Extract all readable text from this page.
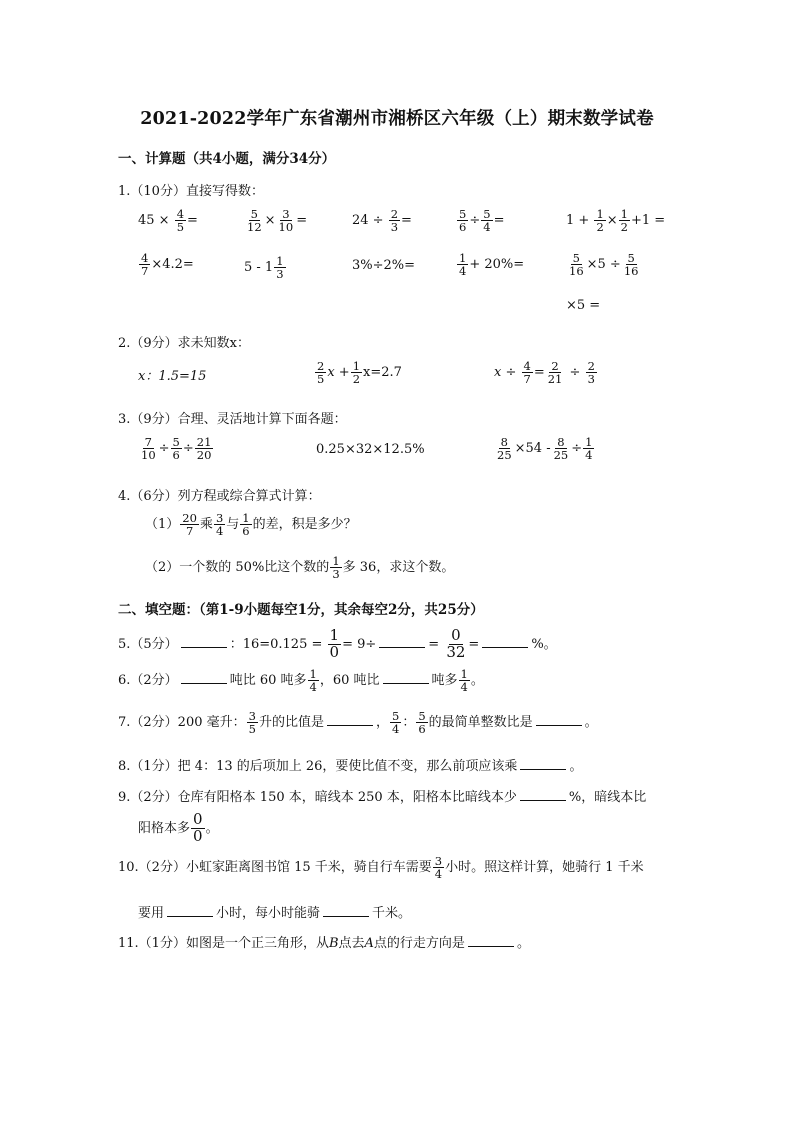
2021-2022学年广东省潮州市湘桥区六年级（上）期末数学试卷
一、计算题（共4小题，满分34分）
1.（10分）直接写得数：
$45 \times \frac{4}{5}$ =	$\frac{5}{12} \times \frac{3}{10}$ =	$24 \div \frac{2}{3}$ =	$\frac{5}{6} \div \frac{5}{4}$ =	$1 + \frac{1}{2} \times \frac{1}{2} +1$ =
$\frac{4}{7} \times 4.2=$	$5 - 1 \frac{1}{3}$	3%÷2%=	$\frac{1}{4} + 20\%=$	$\frac{5}{16} \times 5 \div \frac{5}{16}$
×5 =
2.（9分）求未知数x：
x：1.5=15	$\frac{2}{5}$ $x + \frac{1}{2} x=2.7$	$x \div \frac{4}{7} = \frac{2}{21} \div \frac{2}{3}$
3.（9分）合理、灵活地计算下面各题：
$\frac{7}{10} \div \frac{5}{6} \div \frac{21}{20}$	0.25×32×12.5%	$\frac{8}{25} \times 54 - \frac{8}{25} \div \frac{1}{4}$
4.（6分）列方程或综合算式计算：
$(1) \frac{20}{7}$ 乘 $\frac{3}{4}$ 与 $\frac{1}{6}$ 的差，积是多少？
（2）一个数的 50%比这个数的 $\frac{1}{3}$ 多 36，求这个数。
二、填空题：（第1-9小题每空1分，其余每空2分，共25分）
5.（5分）	：$16=0.125 = \frac{1}{0} = 9\div$	= $\frac{0}{32}$ =	%。
6.（2分）	吨比 60 吨多 $\frac{1}{4}$ ，60 吨比	吨多 $\frac{1}{4}$ 。
7.（2分）200 毫升： $\frac{3}{5}$ 升的比值是	， $\frac{5}{4}$ ： $\frac{5}{6}$ 的最简单整数比是	。
8.（1分）把 4：13 的后项加上 26，要使比值不变，那么前项应该乘	。
9.（2分）仓库有阳格本 150 本，暗线本 250 本，阳格本比暗线本少	%，暗线本比
阳格本多 $\frac{0}{0}$ 。
10.（2分）小虹家距离图书馆 15 千米，骑自行车需要 $\frac{3}{4}$ 小时。照这样计算，她骑行 1 千米
要用	小时，每小时能骑	千米。
11.（1分）如图是一个正三角形，从B点去A点的行走方向是	。
